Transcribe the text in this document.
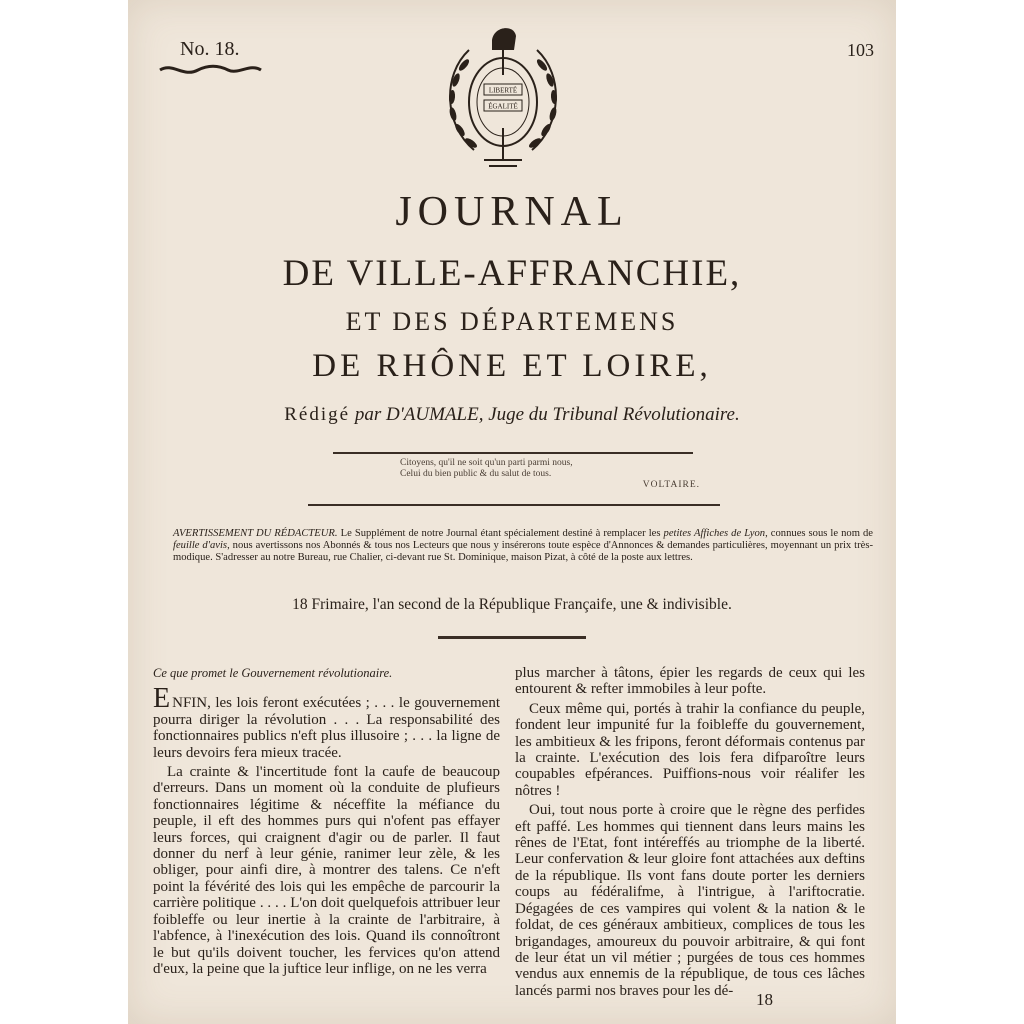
No. 18.	103
LIBERTÉ
ÉGALITÉ
JOURNAL
DE VILLE-AFFRANCHIE,
ET DES DÉPARTEMENS
DE RHÔNE ET LOIRE,
Rédigé par D'AUMALE, Juge du Tribunal Révolutionaire.
Citoyens, qu'il ne soit qu'un parti parmi nous,
Celui du bien public & du salut de tous.
VOLTAIRE.
AVERTISSEMENT DU RÉDACTEUR. Le Supplément de notre Journal étant spécialement destiné à remplacer les petites Affiches de Lyon, connues sous le nom de feuille d'avis, nous avertissons nos Abonnés & tous nos Lecteurs que nous y insérerons toute espèce d'Annonces & demandes particulières, moyennant un prix très-modique. S'adresser au notre Bureau, rue Chalier, ci-devant rue St. Dominique, maison Pizat, à côté de la poste aux lettres.
18 Frimaire, l'an second de la République Françaife, une & indivisible.

Ce que promet le Gouvernement révolutionaire.

ENFIN, les lois feront exécutées ; . . . le gouvernement pourra diriger la révolution . . . La responsabilité des fonctionnaires publics n'eft plus illusoire ; . . . la ligne de leurs devoirs fera mieux tracée.

La crainte & l'incertitude font la caufe de beaucoup d'erreurs. Dans un moment où la conduite de plufieurs fonctionnaires légitime & néceffite la méfiance du peuple, il eft des hommes purs qui n'ofent pas effayer leurs forces, qui craignent d'agir ou de parler. Il faut donner du nerf à leur génie, ranimer leur zèle, & les obliger, pour ainfi dire, à montrer des talens. Ce n'eft point la févérité des lois qui les empêche de parcourir la carrière politique . . . . L'on doit quelquefois attribuer leur foibleffe ou leur inertie à la crainte de l'arbitraire, à l'abfence, à l'inexécution des lois. Quand ils connoîtront le but qu'ils doivent toucher, les fervices qu'on attend d'eux, la peine que la juftice leur inflige, on ne les verra

plus marcher à tâtons, épier les regards de ceux qui les entourent & refter immobiles à leur pofte.

Ceux même qui, portés à trahir la confiance du peuple, fondent leur impunité fur la foibleffe du gouvernement, les ambitieux & les fripons, feront déformais contenus par la crainte. L'exécution des lois fera difparoître leurs coupables efpérances. Puiffions-nous voir réalifer les nôtres !

Oui, tout nous porte à croire que le règne des perfides eft paffé. Les hommes qui tiennent dans leurs mains les rênes de l'Etat, font intéreffés au triomphe de la liberté. Leur confervation & leur gloire font attachées aux deftins de la république. Ils vont fans doute porter les derniers coups au fédéralifme, à l'intrigue, à l'ariftocratie. Dégagées de ces vampires qui volent & la nation & le foldat, de ces généraux ambitieux, complices de tous les brigandages, amoureux du pouvoir arbitraire, & qui font de leur état un vil métier ; purgées de tous ces hommes vendus aux ennemis de la république, de tous ces lâches lancés parmi nos braves pour les dé-	18
